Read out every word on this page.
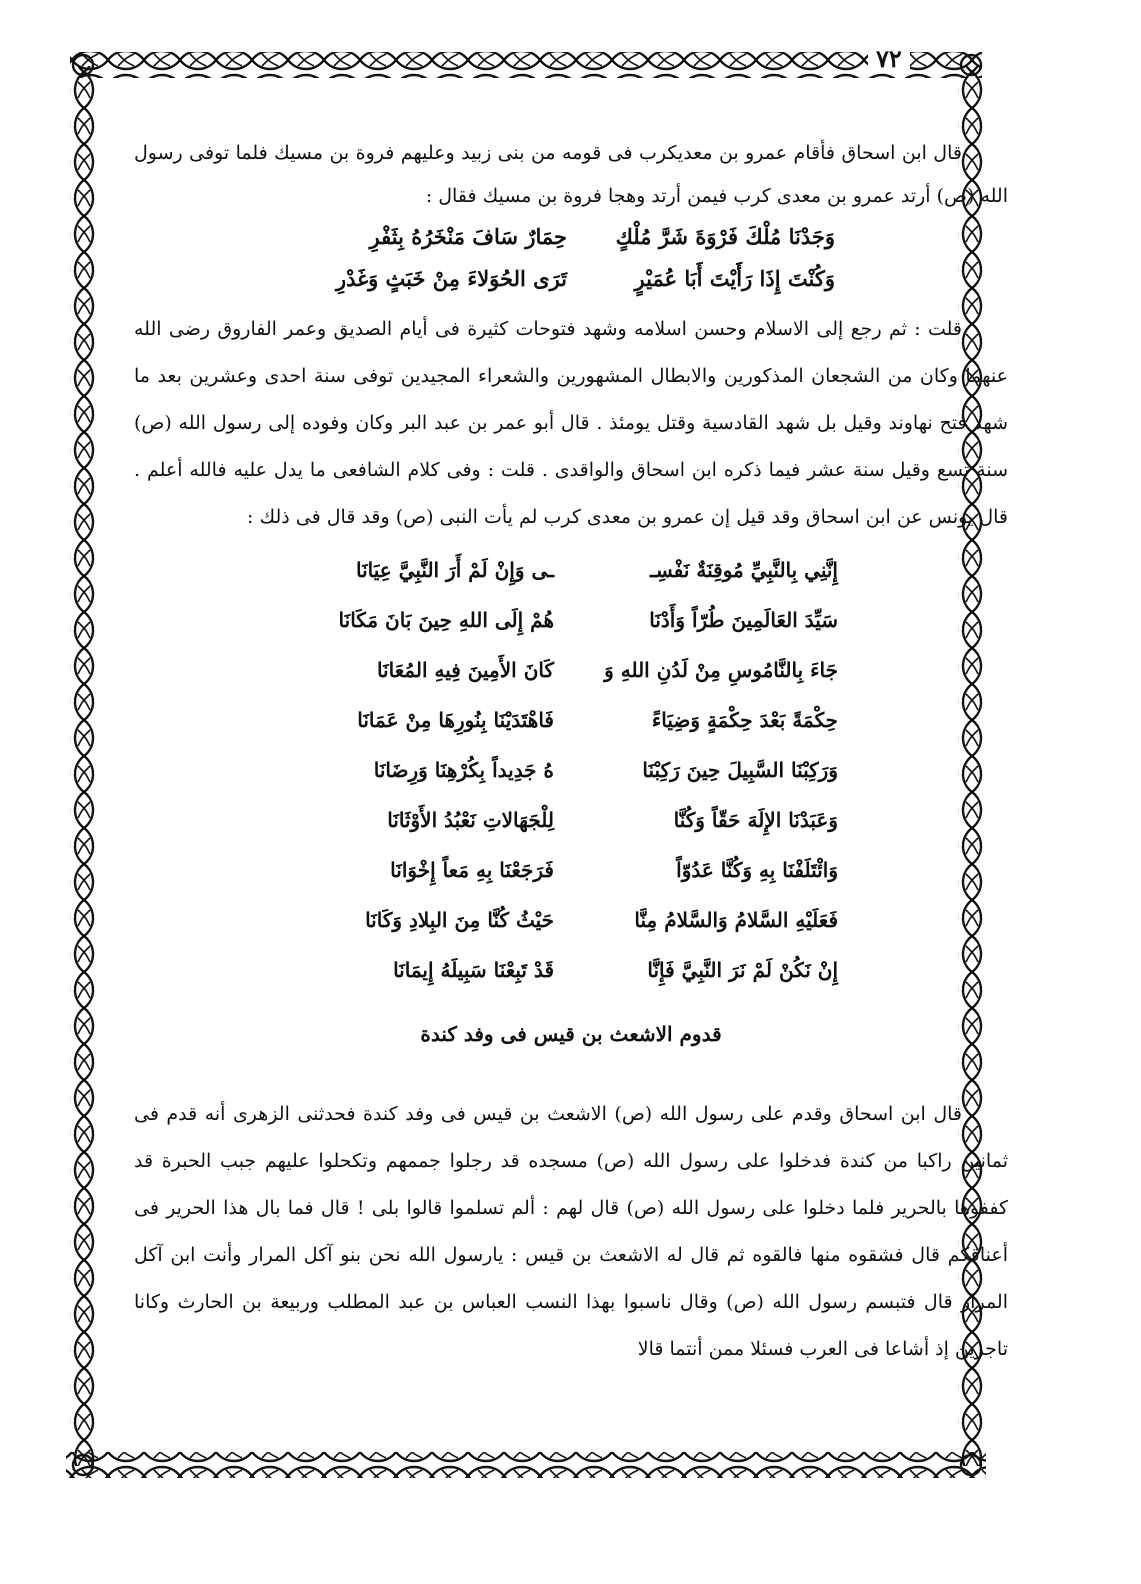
٧٢

قال ابن اسحاق فأقام عمرو بن معديكرب فى قومه من بنى زبيد وعليهم فروة بن مسيك فلما توفى رسول الله (ص) أرتد عمرو بن معدى كرب فيمن أرتد وهجا فروة بن مسيك فقال :

وَجَدْنَا مُلْكَ فَرْوَةَ شَرَّ مُلْكٍ
حِمَارٌ سَافَ مَنْخَرُهُ بِثَفْرِ
وَكُنْتَ إِذَا رَأَيْتَ أَبَا عُمَيْرٍ
تَرَى الحُوَلاءَ مِنْ خَبَثٍ وَغَدْرِ

قلت : ثم رجع إلى الاسلام وحسن اسلامه وشهد فتوحات كثيرة فى أيام الصديق وعمر الفاروق رضى الله عنهما وكان من الشجعان المذكورين والابطال المشهورين والشعراء المجيدين توفى سنة احدى وعشرين بعد ما شهد فتح نهاوند وقيل بل شهد القادسية وقتل يومئذ . قال أبو عمر بن عبد البر وكان وفوده إلى رسول الله (ص) سنة تسع وقيل سنة عشر فيما ذكره ابن اسحاق والواقدى . قلت : وفى كلام الشافعى ما يدل عليه فالله أعلم . قال يونس عن ابن اسحاق وقد قيل إن عمرو بن معدى كرب لم يأت النبى (ص) وقد قال فى ذلك :

إِنَّنِي بِالنَّبِيِّ مُوقِنَةٌ نَفْسِـ
ـى وَإِنْ لَمْ أَرَ النَّبِيَّ عِيَانَا
سَيِّدَ العَالَمِينَ طُرّاً وَأَدْنَا
هُمْ إِلَى اللهِ حِينَ بَانَ مَكَانَا
جَاءَ بِالنَّامُوسِ مِنْ لَدُنِ اللهِ وَ
كَانَ الأَمِينَ فِيهِ المُعَانَا
حِكْمَةً بَعْدَ حِكْمَةٍ وَضِيَاءً
فَاهْتَدَيْنَا بِنُورِهَا مِنْ عَمَانَا
وَرَكِبْنَا السَّبِيلَ حِينَ رَكِبْنَا
هُ جَدِيداً بِكُرْهِنَا وَرِضَانَا
وَعَبَدْنَا الإِلَهَ حَقّاً وَكُنَّا
لِلْجَهَالاتِ نَعْبُدُ الأَوْثَانَا
وَائْتَلَفْنَا بِهِ وَكُنَّا عَدُوّاً
فَرَجَعْنَا بِهِ مَعاً إِخْوَانَا
فَعَلَيْهِ السَّلامُ وَالسَّلامُ مِنَّا
حَيْثُ كُنَّا مِنَ البِلادِ وَكَانَا
إِنْ نَكُنْ لَمْ نَرَ النَّبِيَّ فَإِنَّا
قَدْ تَبِعْنَا سَبِيلَهُ إِيمَانَا
قدوم الاشعث بن قيس فى وفد كندة

قال ابن اسحاق وقدم على رسول الله (ص) الاشعث بن قيس فى وفد كندة فحدثنى الزهرى أنه قدم فى ثمانين راكبا من كندة فدخلوا على رسول الله (ص) مسجده قد رجلوا جممهم وتكحلوا عليهم جبب الحبرة قد كففوها بالحرير فلما دخلوا على رسول الله (ص) قال لهم : ألم تسلموا قالوا بلى ! قال فما بال هذا الحرير فى أعناقكم قال فشقوه منها فالقوه ثم قال له الاشعث بن قيس : يارسول الله نحن بنو آكل المرار وأنت ابن آكل المرار قال فتبسم رسول الله (ص) وقال ناسبوا بهذا النسب العباس بن عبد المطلب وربيعة بن الحارث وكانا تاجرين إذ أشاعا فى العرب فسئلا ممن أنتما قالا
